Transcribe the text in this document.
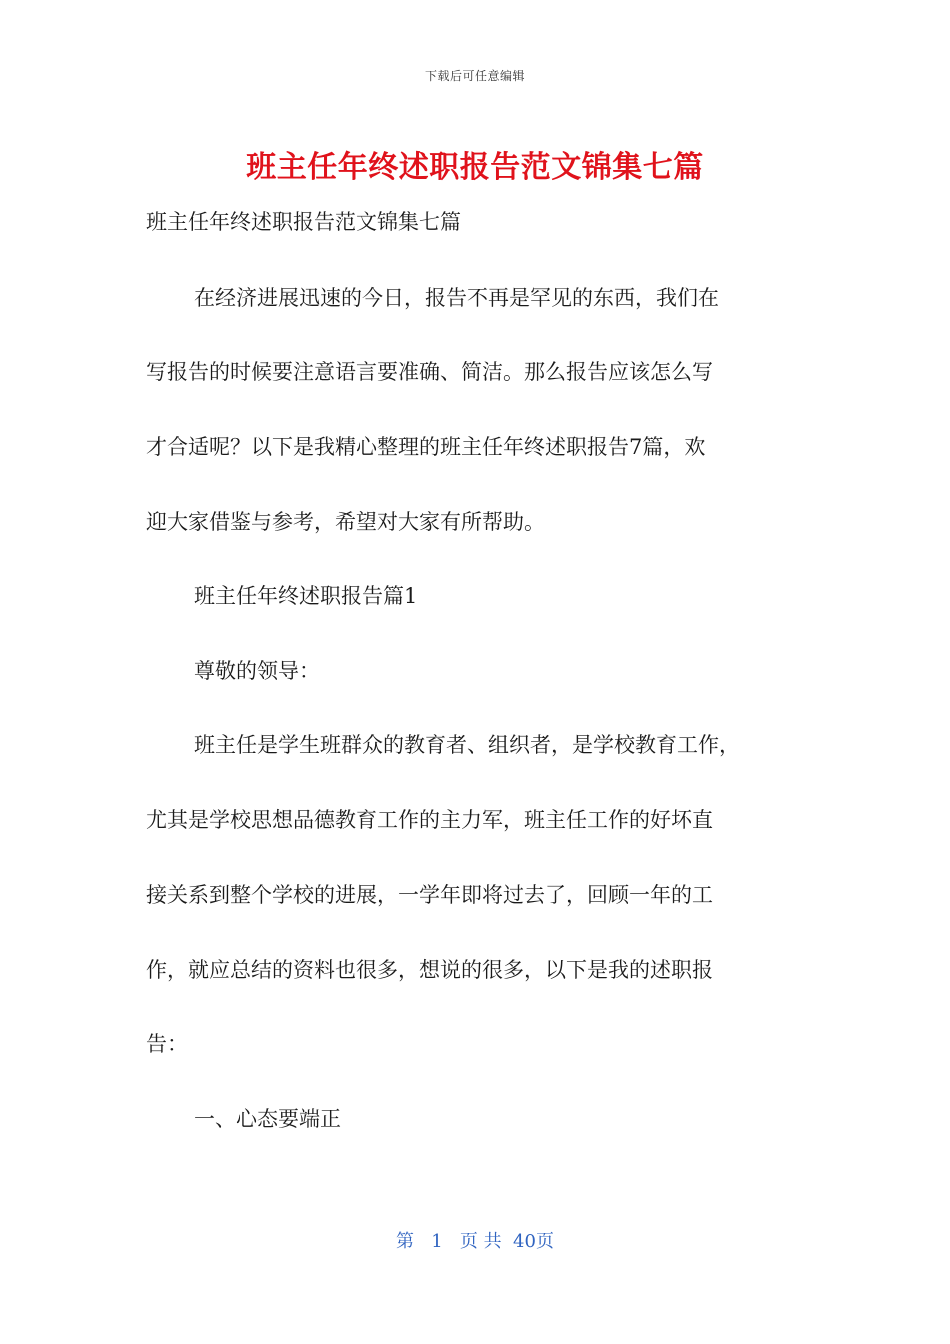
下载后可任意编辑
班主任年终述职报告范文锦集七篇
班主任年终述职报告范文锦集七篇
在经济进展迅速的今日，报告不再是罕见的东西，我们在
写报告的时候要注意语言要准确、简洁。那么报告应该怎么写
才合适呢？以下是我精心整理的班主任年终述职报告7篇，欢
迎大家借鉴与参考，希望对大家有所帮助。
班主任年终述职报告篇1
尊敬的领导：
班主任是学生班群众的教育者、组织者，是学校教育工作，
尤其是学校思想品德教育工作的主力军，班主任工作的好坏直
接关系到整个学校的进展，一学年即将过去了，回顾一年的工
作，就应总结的资料也很多，想说的很多，以下是我的述职报
告：
一、心态要端正
第 1 页 共 40页
